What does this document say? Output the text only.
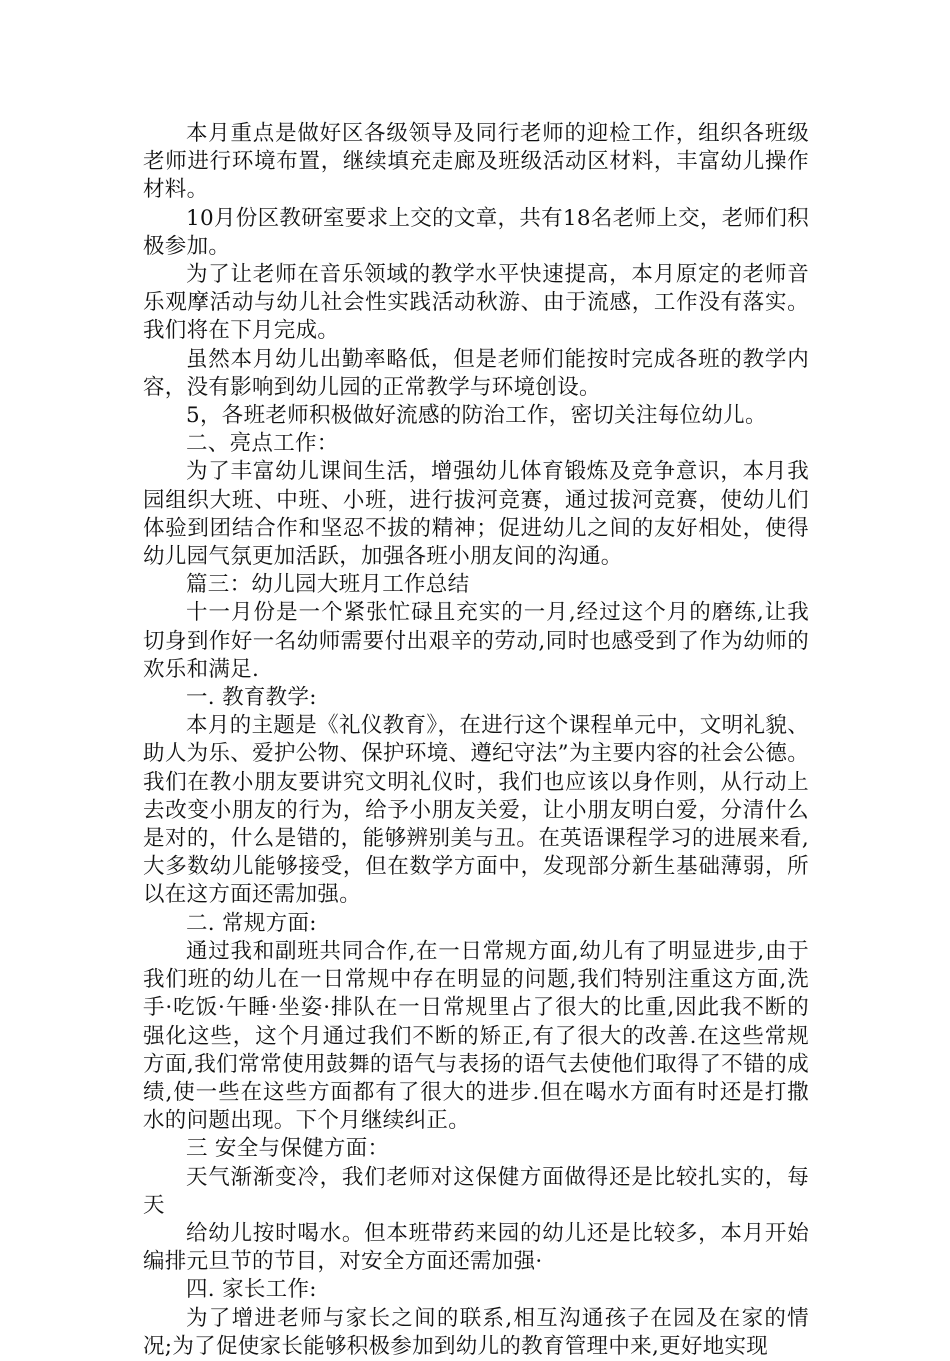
本月重点是做好区各级领导及同行老师的迎检工作，组织各班级老师进行环境布置，继续填充走廊及班级活动区材料，丰富幼儿操作材料。

10月份区教研室要求上交的文章，共有18名老师上交，老师们积极参加。

为了让老师在音乐领域的教学水平快速提高，本月原定的老师音乐观摩活动与幼儿社会性实践活动秋游、由于流感，工作没有落实。我们将在下月完成。

虽然本月幼儿出勤率略低，但是老师们能按时完成各班的教学内容，没有影响到幼儿园的正常教学与环境创设。

5，各班老师积极做好流感的防治工作，密切关注每位幼儿。

二、亮点工作：

为了丰富幼儿课间生活，增强幼儿体育锻炼及竞争意识，本月我园组织大班、中班、小班，进行拔河竞赛，通过拔河竞赛，使幼儿们体验到团结合作和坚忍不拔的精神；促进幼儿之间的友好相处，使得幼儿园气氛更加活跃，加强各班小朋友间的沟通。

篇三：幼儿园大班月工作总结

十一月份是一个紧张忙碌且充实的一月,经过这个月的磨练,让我切身到作好一名幼师需要付出艰辛的劳动,同时也感受到了作为幼师的欢乐和满足.

一. 教育教学:

本月的主题是《礼仪教育》，在进行这个课程单元中，文明礼貌、助人为乐、爱护公物、保护环境、遵纪守法”为主要内容的社会公德。我们在教小朋友要讲究文明礼仪时，我们也应该以身作则，从行动上去改变小朋友的行为，给予小朋友关爱，让小朋友明白爱，分清什么是对的，什么是错的，能够辨别美与丑。在英语课程学习的进展来看,大多数幼儿能够接受，但在数学方面中，发现部分新生基础薄弱，所以在这方面还需加强。

二. 常规方面:

通过我和副班共同合作,在一日常规方面,幼儿有了明显进步,由于我们班的幼儿在一日常规中存在明显的问题,我们特别注重这方面,洗手·吃饭·午睡·坐姿·排队在一日常规里占了很大的比重,因此我不断的强化这些，这个月通过我们不断的矫正,有了很大的改善.在这些常规方面,我们常常使用鼓舞的语气与表扬的语气去使他们取得了不错的成绩,使一些在这些方面都有了很大的进步.但在喝水方面有时还是打撒水的问题出现。下个月继续纠正。

三 安全与保健方面：

天气渐渐变冷，我们老师对这保健方面做得还是比较扎实的，每天

给幼儿按时喝水。但本班带药来园的幼儿还是比较多，本月开始编排元旦节的节目，对安全方面还需加强·

四. 家长工作:

为了增进老师与家长之间的联系,相互沟通孩子在园及在家的情况;为了促使家长能够积极参加到幼儿的教育管理中来,更好地实现
